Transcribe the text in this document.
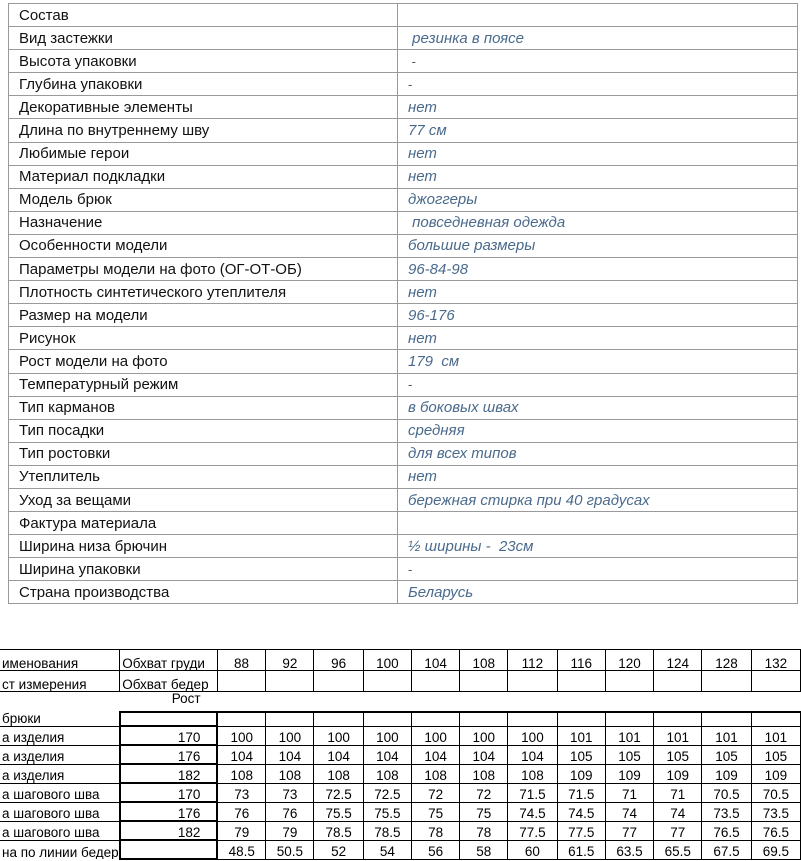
Состав	
Вид застежки	резинка в поясе
Высота упаковки	-
Глубина упаковки	-
Декоративные элементы	нет
Длина по внутреннему шву	77 см
Любимые герои	нет
Материал подкладки	нет
Модель брюк	джоггеры
Назначение	повседневная одежда
Особенности модели	большие размеры
Параметры модели на фото (ОГ-ОТ-ОБ)	96-84-98
Плотность синтетического утеплителя	нет
Размер на модели	96-176
Рисунок	нет
Рост модели на фото	179  см
Температурный режим	-
Тип карманов	в боковых швах
Тип посадки	средняя
Тип ростовки	для всех типов
Утеплитель	нет
Уход за вещами	бережная стирка при 40 градусах
Фактура материала	
Ширина низа брючин	½ ширины -  23см
Ширина упаковки	-
Страна производства	Беларусь
именования	Обхват груди	88	92	96	100	104	108	112	116	120	124	128	132
ст измерения	Обхват бедер												
	Рост												
брюки													
а изделия	170	100	100	100	100	100	100	100	101	101	101	101	101
а изделия	176	104	104	104	104	104	104	104	105	105	105	105	105
а изделия	182	108	108	108	108	108	108	108	109	109	109	109	109
а шагового шва	170	73	73	72.5	72.5	72	72	71.5	71.5	71	71	70.5	70.5
а шагового шва	176	76	76	75.5	75.5	75	75	74.5	74.5	74	74	73.5	73.5
а шагового шва	182	79	79	78.5	78.5	78	78	77.5	77.5	77	77	76.5	76.5
на по линии бедер		48.5	50.5	52	54	56	58	60	61.5	63.5	65.5	67.5	69.5
